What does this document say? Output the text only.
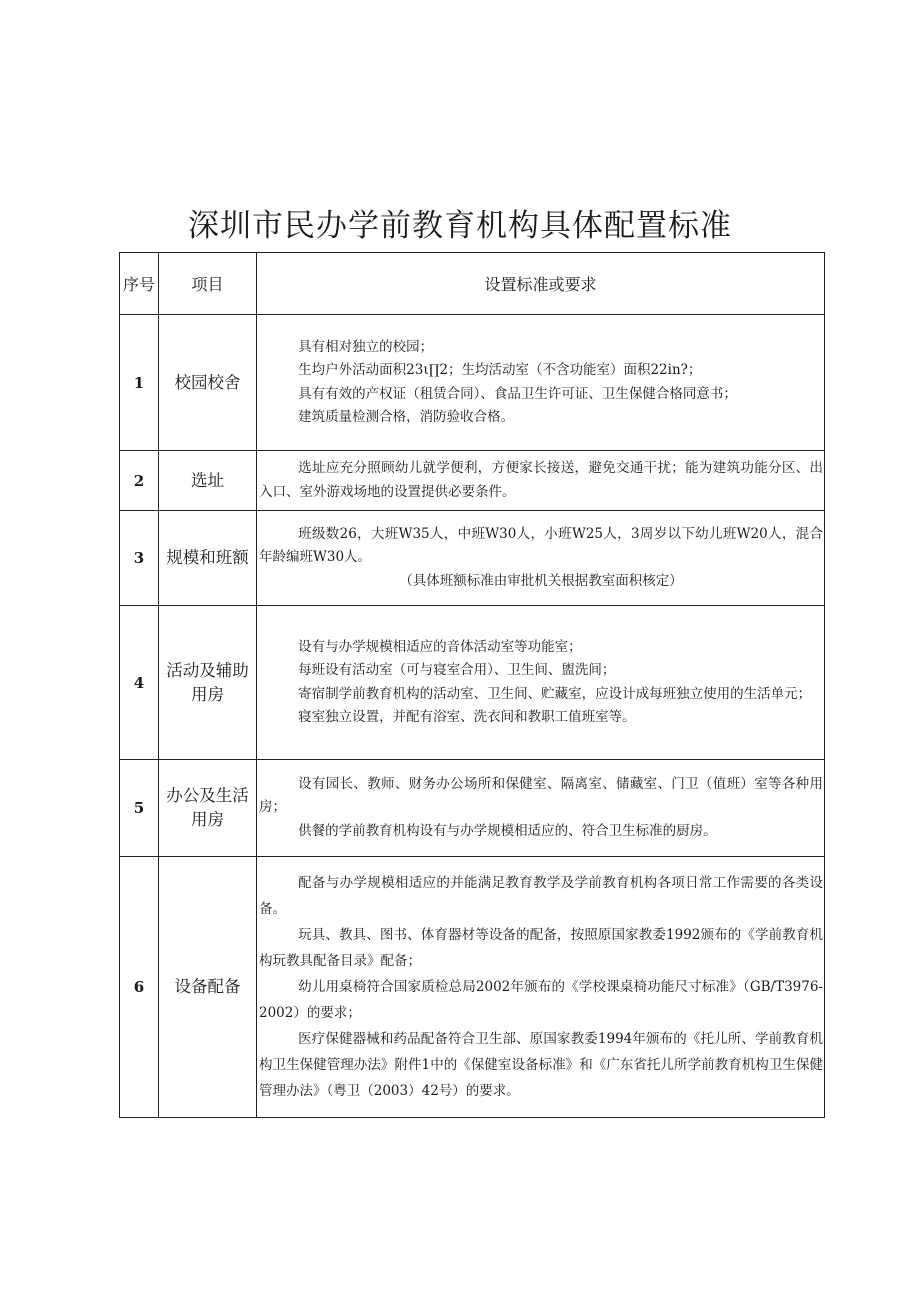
深圳市民办学前教育机构具体配置标准
序号	项目	设置标准或要求
1	校园校舍	具有相对独立的校园；

生均户外活动面积23ι∏2；生均活动室（不含功能室）面积22in?；

具有有效的产权证（租赁合同）、食品卫生许可证、卫生保健合格同意书；

建筑质量检测合格，消防验收合格。

2	选址	选址应充分照顾幼儿就学便利，方便家长接送，避免交通干扰；能为建筑功能分区、出入口、室外游戏场地的设置提供必要条件。

3	规模和班额	班级数26，大班W35人，中班W30人，小班W25人，3周岁以下幼儿班W20人，混合年龄编班W30人。

（具体班额标准由审批机关根据教室面积核定）

4	活动及辅助用房	设有与办学规模相适应的音体活动室等功能室；

每班设有活动室（可与寝室合用）、卫生间、盥洗间；

寄宿制学前教育机构的活动室、卫生间、贮藏室，应设计成每班独立使用的生活单元；

寝室独立设置，并配有浴室、洗衣间和教职工值班室等。

5	办公及生活用房	设有园长、教师、财务办公场所和保健室、隔离室、储藏室、门卫（值班）室等各种用房；

供餐的学前教育机构设有与办学规模相适应的、符合卫生标准的厨房。

6	设备配备	配备与办学规模相适应的并能满足教育教学及学前教育机构各项日常工作需要的各类设备。

玩具、教具、图书、体育器材等设备的配备，按照原国家教委1992颁布的《学前教育机构玩教具配备目录》配备；

幼儿用桌椅符合国家质检总局2002年颁布的《学校课桌椅功能尺寸标准》（GB/T3976-2002）的要求；

医疗保健器械和药品配备符合卫生部、原国家教委1994年颁布的《托儿所、学前教育机构卫生保健管理办法》附件1中的《保健室设备标准》和《广东省托儿所学前教育机构卫生保健管理办法》（粤卫（2003）42号）的要求。
